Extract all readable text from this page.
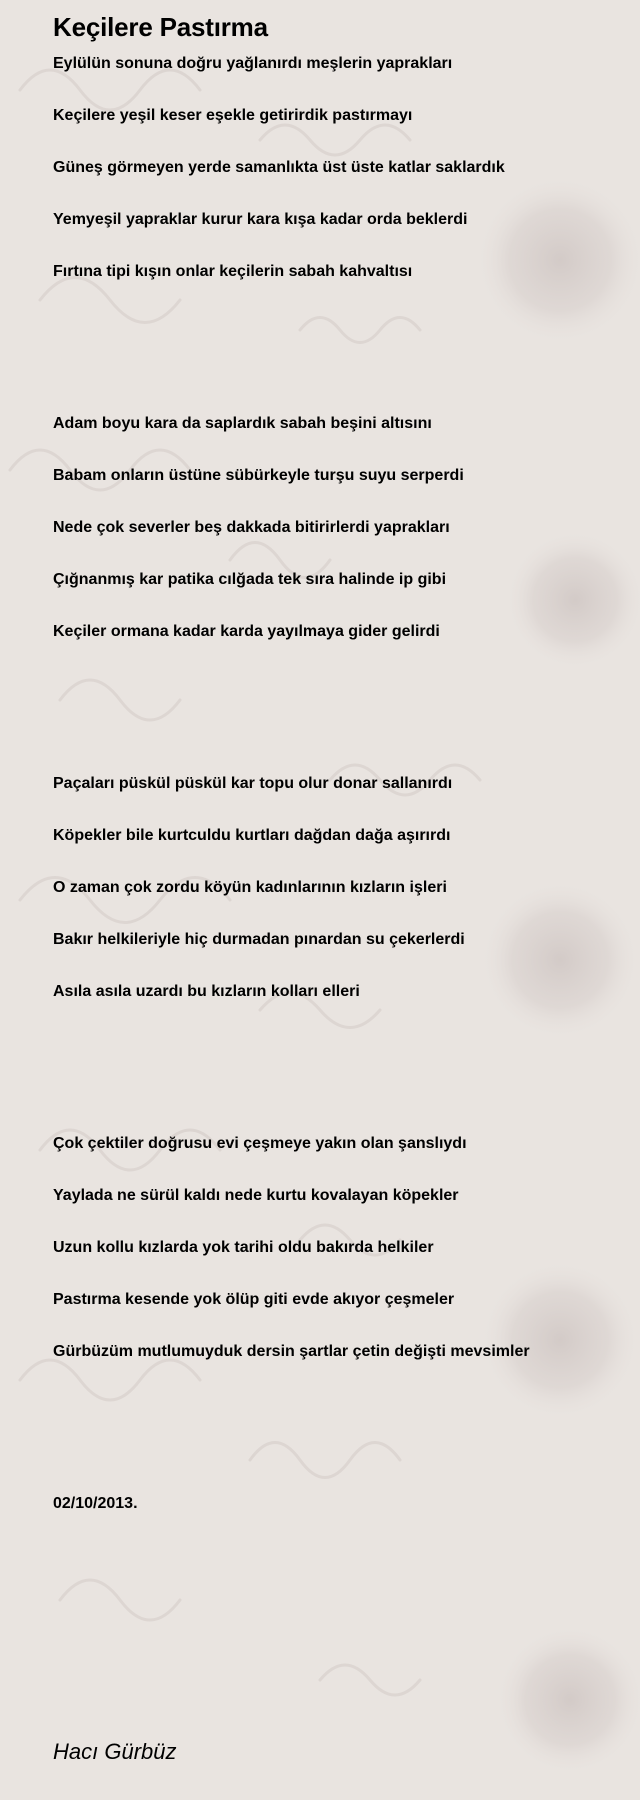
Keçilere Pastırma
Eylülün sonuna doğru yağlanırdı meşlerin yaprakları
Keçilere yeşil keser eşekle getirirdik pastırmayı
Güneş görmeyen yerde samanlıkta üst üste katlar saklardık
Yemyeşil yapraklar kurur kara kışa kadar orda beklerdi
Fırtına tipi kışın onlar keçilerin sabah kahvaltısı
Adam boyu kara da saplardık sabah beşini altısını
Babam onların üstüne sübürkeyle turşu suyu serperdi
Nede çok severler beş dakkada bitirirlerdi yaprakları
Çığnanmış kar patika cılğada tek sıra halinde ip gibi
Keçiler ormana kadar karda yayılmaya gider gelirdi
Paçaları püskül püskül kar topu olur donar sallanırdı
Köpekler bile kurtculdu kurtları dağdan dağa aşırırdı
O zaman çok zordu köyün kadınlarının kızların işleri
Bakır helkileriyle hiç durmadan pınardan su çekerlerdi
Asıla asıla uzardı bu kızların kolları elleri
Çok çektiler doğrusu evi çeşmeye yakın olan şanslıydı
Yaylada ne sürül kaldı nede kurtu kovalayan köpekler
Uzun kollu kızlarda yok tarihi oldu bakırda helkiler
Pastırma kesende yok ölüp giti evde akıyor çeşmeler
Gürbüzüm mutlumuyduk dersin şartlar çetin değişti mevsimler
02/10/2013.
Hacı Gürbüz
